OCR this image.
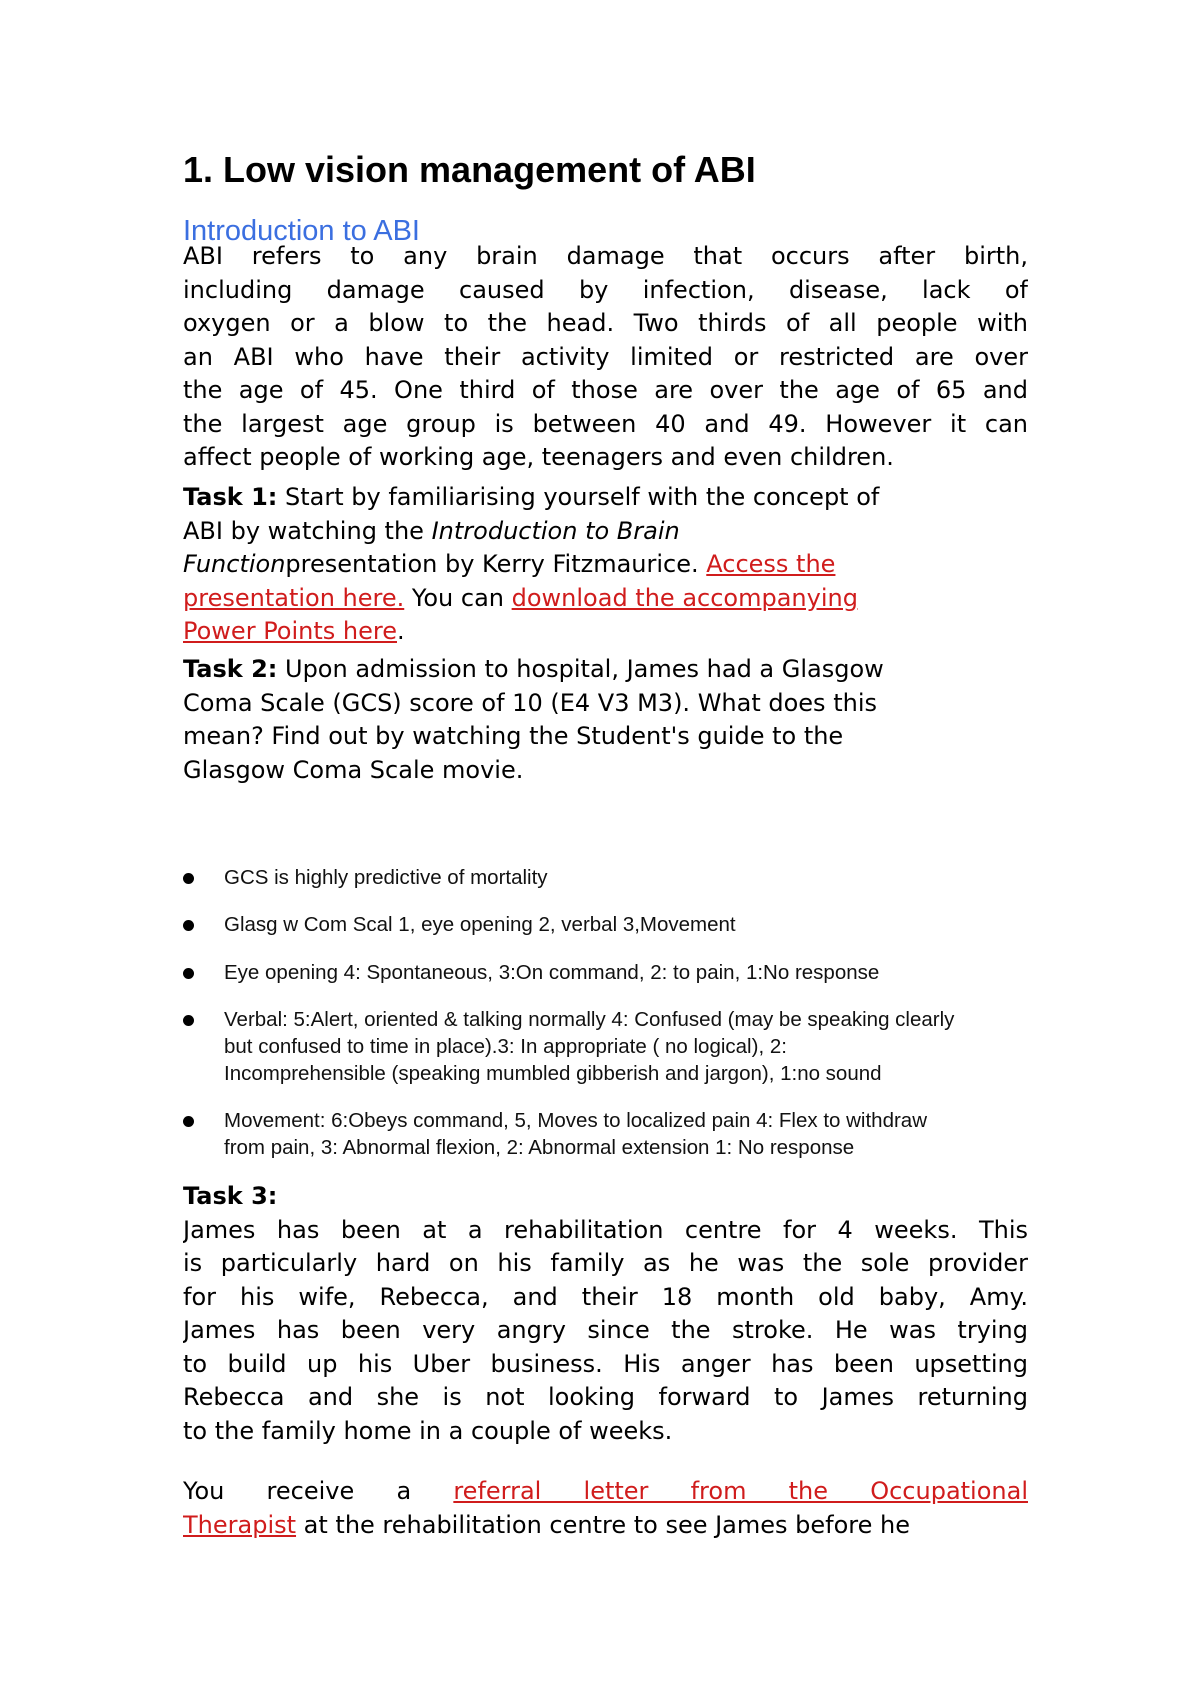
1. Low vision management of ABI
Introduction to ABI
ABI refers to any brain damage that occurs after birth,
including damage caused by infection, disease, lack of
oxygen or a blow to the head. Two thirds of all people with
an ABI who have their activity limited or restricted are over
the age of 45. One third of those are over the age of 65 and
the largest age group is between 40 and 49. However it can
affect people of working age, teenagers and even children.
Task 1: Start by familiarising yourself with the concept of
ABI by watching the Introduction to Brain
Functionpresentation by Kerry Fitzmaurice. Access the
presentation here. You can download the accompanying
Power Points here.
Task 2: Upon admission to hospital, James had a Glasgow
Coma Scale (GCS) score of 10 (E4 V3 M3). What does this
mean? Find out by watching the Student's guide to the
Glasgow Coma Scale movie.
GCS is highly predictive of mortality
Glasg w Com Scal 1, eye opening 2, verbal 3,Movement
Eye opening 4: Spontaneous, 3:On command, 2: to pain, 1:No response
Verbal: 5:Alert, oriented & talking normally 4: Confused (may be speaking clearly
but confused to time in place).3: In appropriate ( no logical), 2:
Incomprehensible (speaking mumbled gibberish and jargon), 1:no sound
Movement: 6:Obeys command, 5, Moves to localized pain 4: Flex to withdraw
from pain, 3: Abnormal flexion, 2: Abnormal extension 1: No response
Task 3:
James has been at a rehabilitation centre for 4 weeks. This
is particularly hard on his family as he was the sole provider
for his wife, Rebecca, and their 18 month old baby, Amy.
James has been very angry since the stroke. He was trying
to build up his Uber business. His anger has been upsetting
Rebecca and she is not looking forward to James returning
to the family home in a couple of weeks.
You receive a referral letter from the Occupational
Therapist at the rehabilitation centre to see James before he
